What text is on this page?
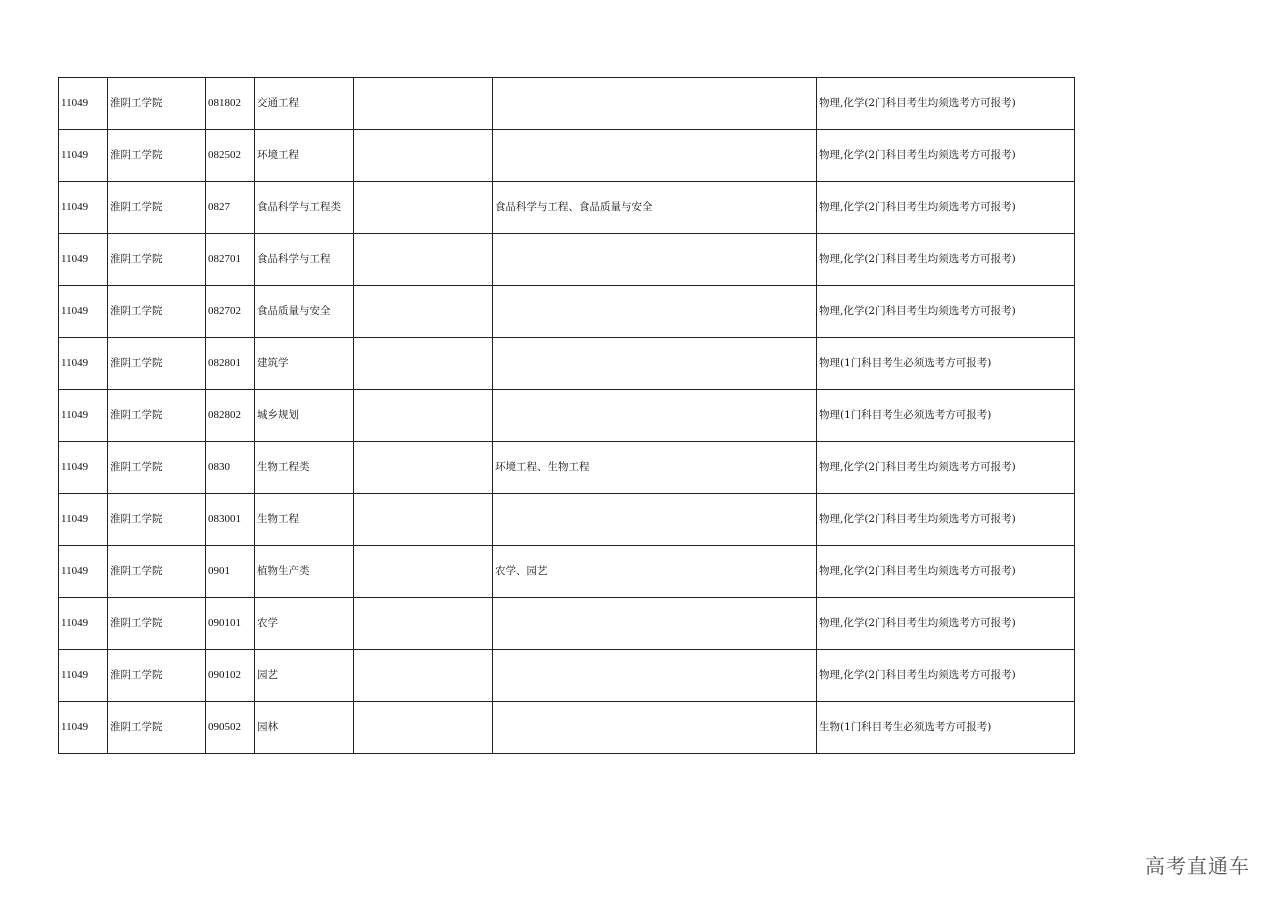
11049	淮阴工学院	081802	交通工程			物理,化学(2门科目考生均须选考方可报考)
11049	淮阴工学院	082502	环境工程			物理,化学(2门科目考生均须选考方可报考)
11049	淮阴工学院	0827	食品科学与工程类		食品科学与工程、食品质量与安全	物理,化学(2门科目考生均须选考方可报考)
11049	淮阴工学院	082701	食品科学与工程			物理,化学(2门科目考生均须选考方可报考)
11049	淮阴工学院	082702	食品质量与安全			物理,化学(2门科目考生均须选考方可报考)
11049	淮阴工学院	082801	建筑学			物理(1门科目考生必须选考方可报考)
11049	淮阴工学院	082802	城乡规划			物理(1门科目考生必须选考方可报考)
11049	淮阴工学院	0830	生物工程类		环境工程、生物工程	物理,化学(2门科目考生均须选考方可报考)
11049	淮阴工学院	083001	生物工程			物理,化学(2门科目考生均须选考方可报考)
11049	淮阴工学院	0901	植物生产类		农学、园艺	物理,化学(2门科目考生均须选考方可报考)
11049	淮阴工学院	090101	农学			物理,化学(2门科目考生均须选考方可报考)
11049	淮阴工学院	090102	园艺			物理,化学(2门科目考生均须选考方可报考)
11049	淮阴工学院	090502	园林			生物(1门科目考生必须选考方可报考)
高考直通车
